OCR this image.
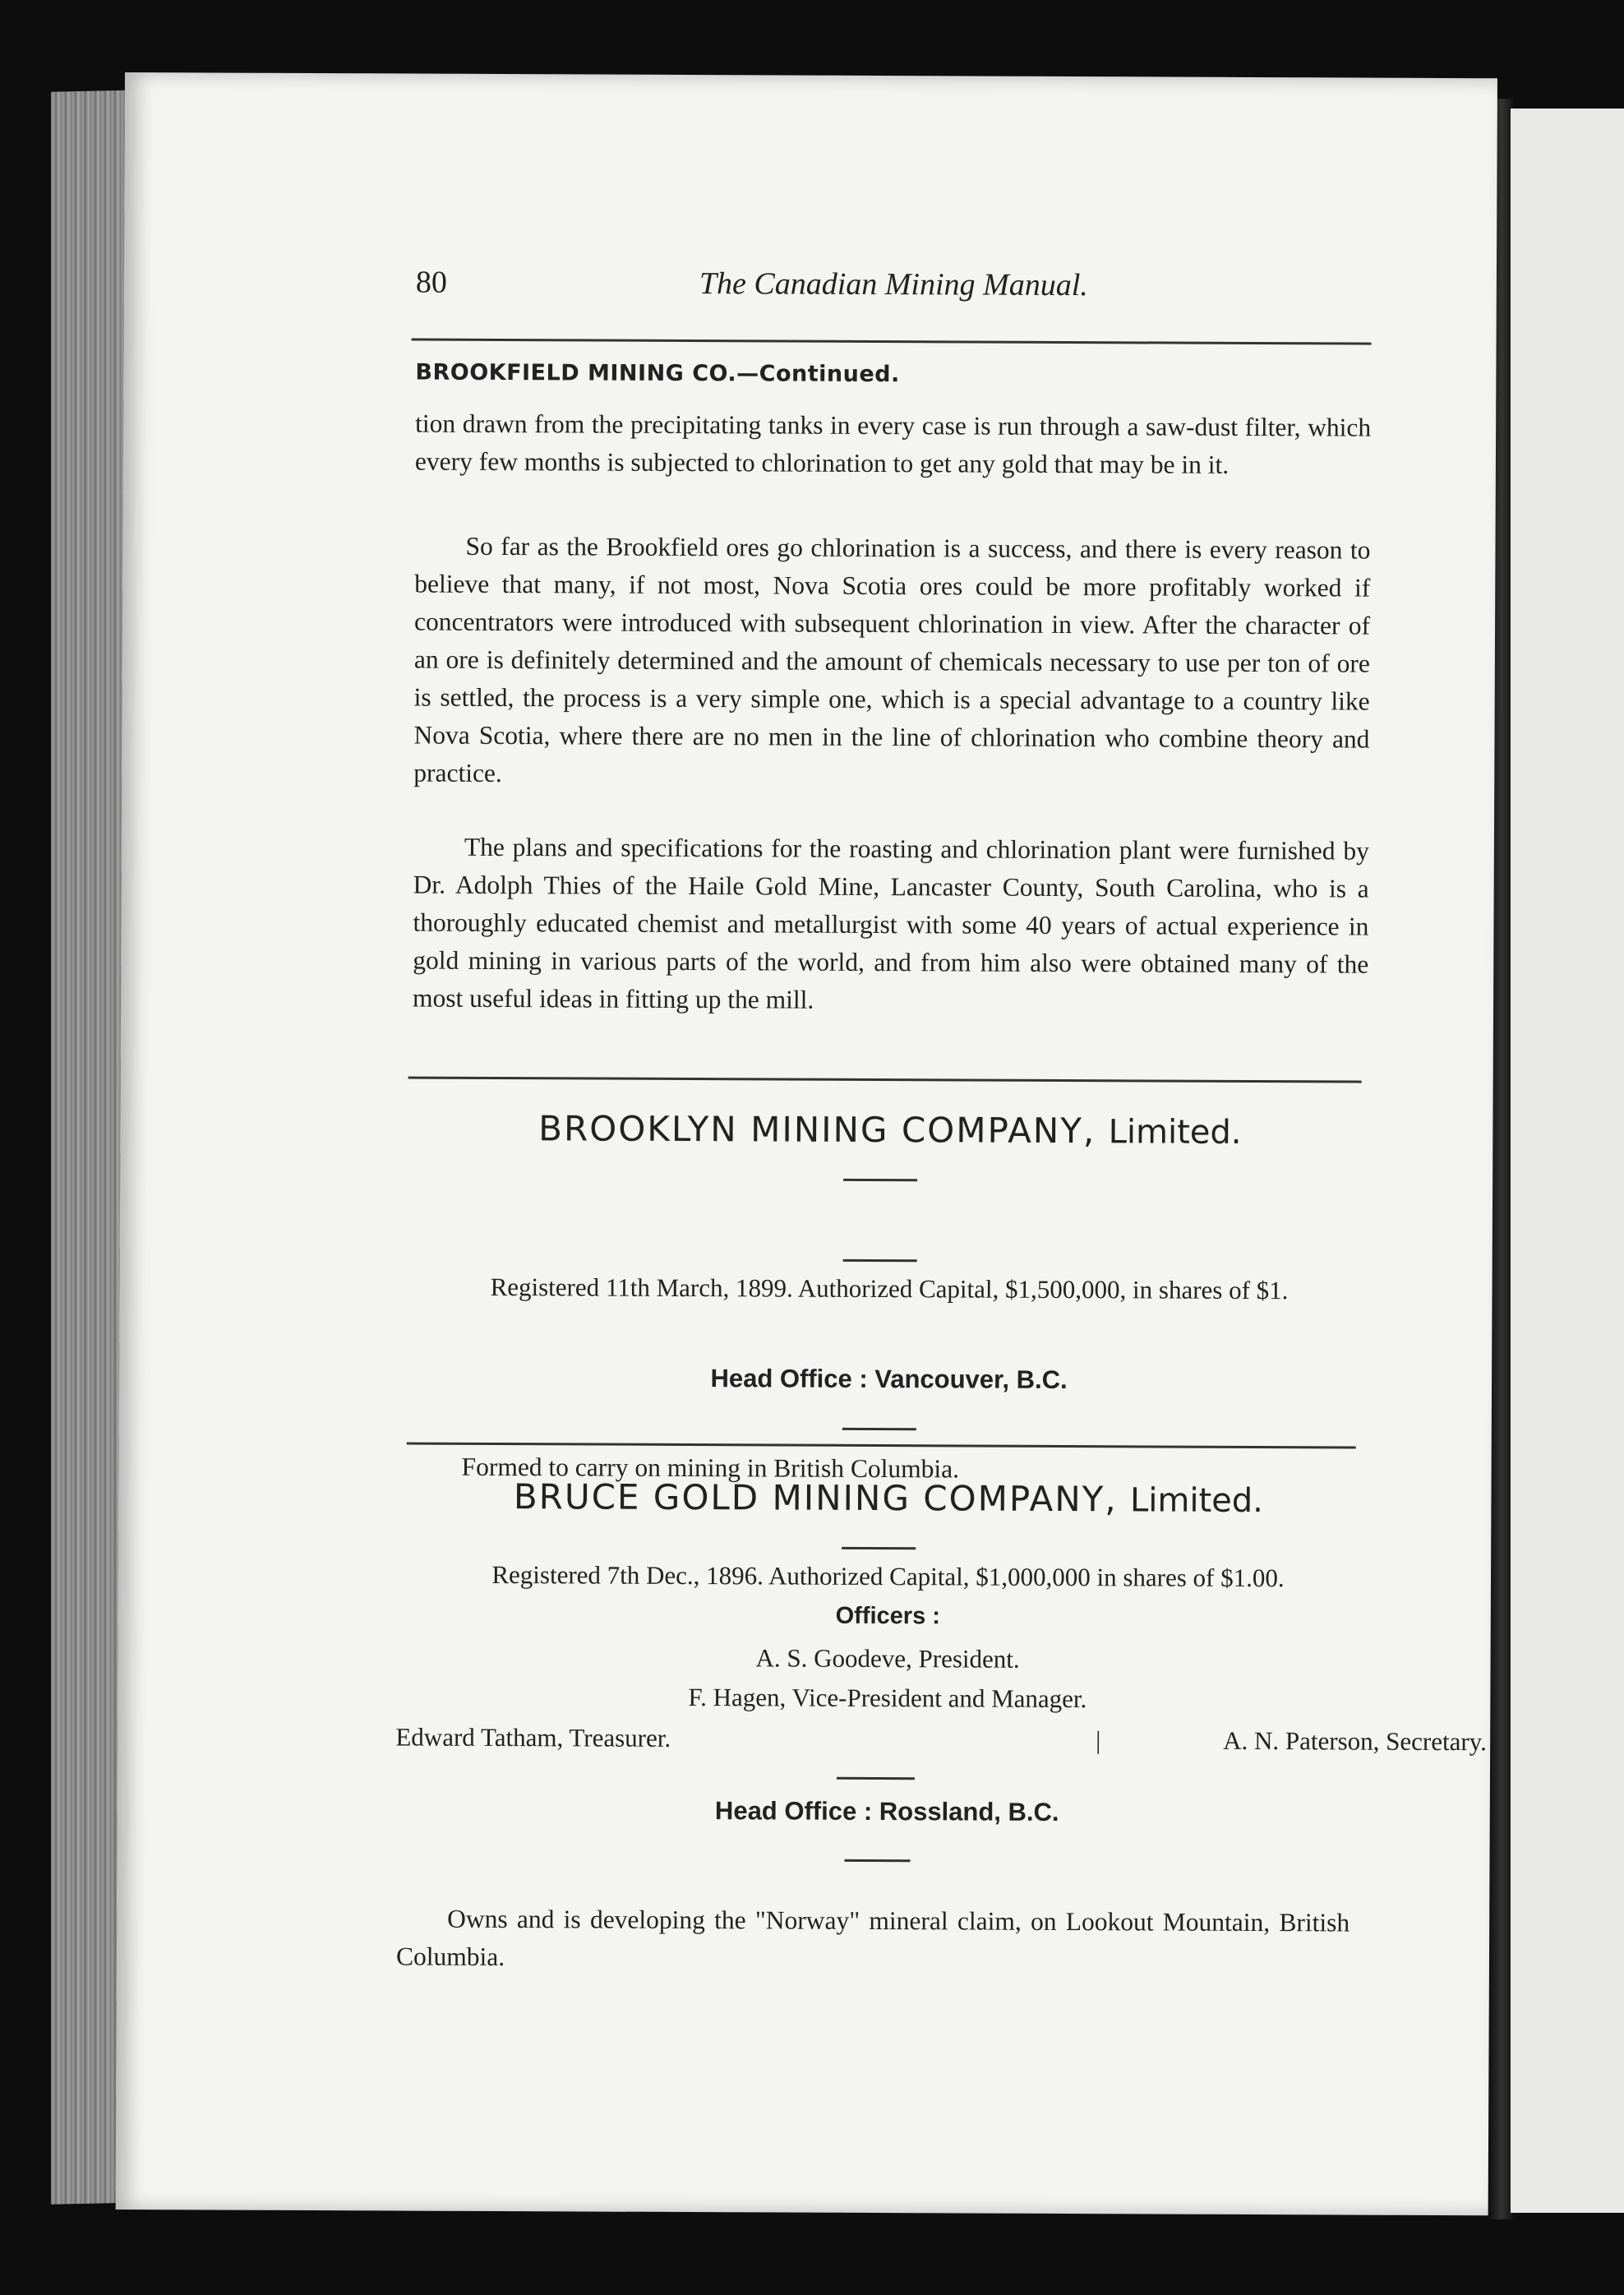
80	The Canadian Mining Manual.
BROOKFIELD MINING CO.—Continued.
tion drawn from the precipitating tanks in every case is run through a saw-dust filter, which every few months is subjected to chlorination to get any gold that may be in it.
So far as the Brookfield ores go chlorination is a success, and there is every reason to believe that many, if not most, Nova Scotia ores could be more profitably worked if concentrators were introduced with subsequent chlorination in view. After the character of an ore is definitely determined and the amount of chemicals necessary to use per ton of ore is settled, the process is a very simple one, which is a special advantage to a country like Nova Scotia, where there are no men in the line of chlorination who combine theory and practice.
The plans and specifications for the roasting and chlorination plant were furnished by Dr. Adolph Thies of the Haile Gold Mine, Lancaster County, South Carolina, who is a thoroughly educated chemist and metallurgist with some 40 years of actual experience in gold mining in various parts of the world, and from him also were obtained many of the most useful ideas in fitting up the mill.
BROOKLYN MINING COMPANY, Limited.
Registered 11th March, 1899. Authorized Capital, $1,500,000, in shares of $1.
Head Office : Vancouver, B.C.
Formed to carry on mining in British Columbia.
BRUCE GOLD MINING COMPANY, Limited.
Registered 7th Dec., 1896. Authorized Capital, $1,000,000 in shares of $1.00.
Officers :
A. S. Goodeve, President.
F. Hagen, Vice-President and Manager.
Edward Tatham, Treasurer.	|	A. N. Paterson, Secretary.
Head Office : Rossland, B.C.
Owns and is developing the "Norway" mineral claim, on Lookout Mountain, British Columbia.
